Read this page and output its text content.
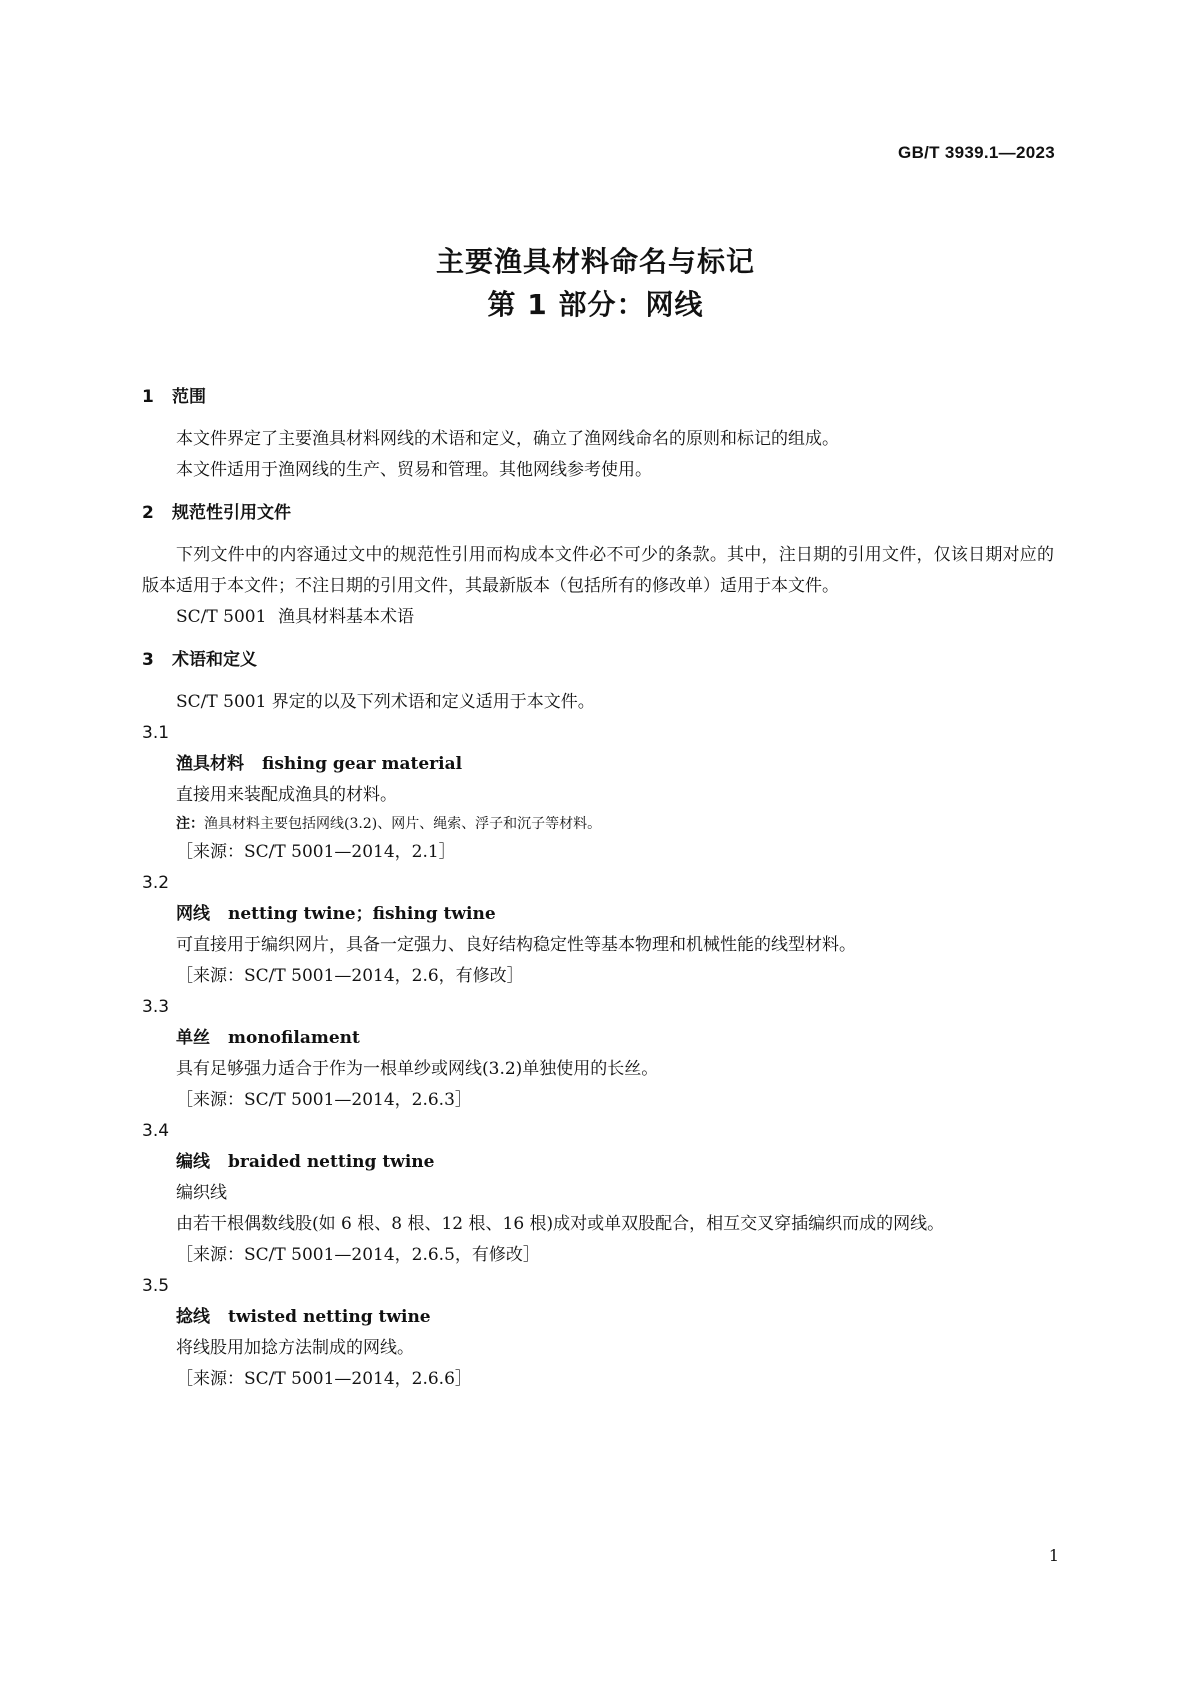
GB/T 3939.1—2023
主要渔具材料命名与标记
第 1 部分：网线
1 范围
本文件界定了主要渔具材料网线的术语和定义，确立了渔网线命名的原则和标记的组成。
本文件适用于渔网线的生产、贸易和管理。其他网线参考使用。
2 规范性引用文件
下列文件中的内容通过文中的规范性引用而构成本文件必不可少的条款。其中，注日期的引用文件，仅该日期对应的版本适用于本文件；不注日期的引用文件，其最新版本（包括所有的修改单）适用于本文件。
SC/T 5001 渔具材料基本术语
3 术语和定义
SC/T 5001 界定的以及下列术语和定义适用于本文件。
3.1
渔具材料 fishing gear material
直接用来装配成渔具的材料。
注：渔具材料主要包括网线(3.2)、网片、绳索、浮子和沉子等材料。
［来源：SC/T 5001—2014，2.1］
3.2
网线 netting twine；fishing twine
可直接用于编织网片，具备一定强力、良好结构稳定性等基本物理和机械性能的线型材料。
［来源：SC/T 5001—2014，2.6，有修改］
3.3
单丝 monofilament
具有足够强力适合于作为一根单纱或网线(3.2)单独使用的长丝。
［来源：SC/T 5001—2014，2.6.3］
3.4
编线 braided netting twine
编织线
由若干根偶数线股(如 6 根、8 根、12 根、16 根)成对或单双股配合，相互交叉穿插编织而成的网线。
［来源：SC/T 5001—2014，2.6.5，有修改］
3.5
捻线 twisted netting twine
将线股用加捻方法制成的网线。
［来源：SC/T 5001—2014，2.6.6］
1
